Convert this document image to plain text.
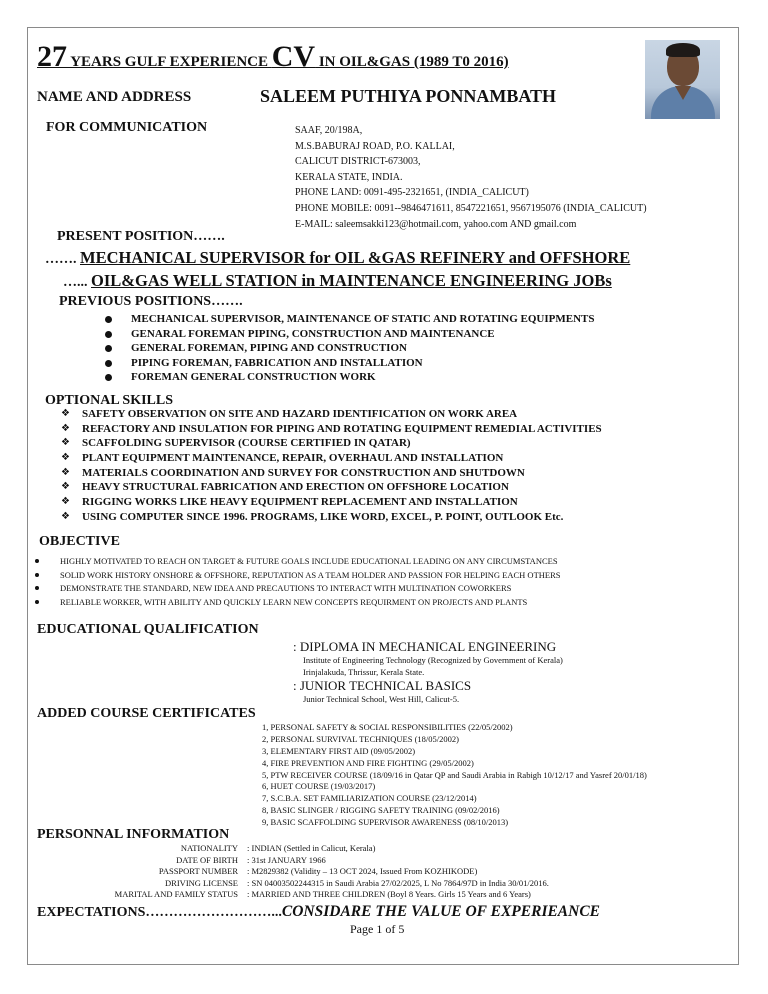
27 YEARS GULF EXPERIENCE CV IN OIL&GAS (1989 T0 2016)
NAME AND ADDRESS	SALEEM PUTHIYA PONNAMBATH
FOR COMMUNICATION	SAAF, 20/198A,
M.S.BABURAJ ROAD, P.O. KALLAI,
CALICUT DISTRICT-673003,
KERALA STATE, INDIA.
PHONE LAND: 0091-495-2321651, (INDIA_CALICUT)
PHONE MOBILE: 0091--9846471611, 8547221651, 9567195076 (INDIA_CALICUT)
E-MAIL: saleemsakki123@hotmail.com, yahoo.com AND gmail.com
PRESENT POSITION…….
……. MECHANICAL SUPERVISOR for OIL &GAS REFINERY and OFFSHORE
…... OIL&GAS WELL STATION in MAINTENANCE ENGINEERING JOBs
PREVIOUS POSITIONS…….
MECHANICAL SUPERVISOR, MAINTENANCE OF STATIC AND ROTATING EQUIPMENTS
GENARAL FOREMAN PIPING, CONSTRUCTION AND MAINTENANCE
GENERAL FOREMAN, PIPING AND CONSTRUCTION
PIPING FOREMAN, FABRICATION AND INSTALLATION
FOREMAN GENERAL CONSTRUCTION WORK
OPTIONAL SKILLS
❖ SAFETY OBSERVATION ON SITE AND HAZARD IDENTIFICATION ON WORK AREA
❖ REFACTORY AND INSULATION FOR PIPING AND ROTATING EQUIPMENT REMEDIAL ACTIVITIES
❖ SCAFFOLDING SUPERVISOR (COURSE CERTIFIED IN QATAR)
❖ PLANT EQUIPMENT MAINTENANCE, REPAIR, OVERHAUL AND INSTALLATION
❖ MATERIALS COORDINATION AND SURVEY FOR CONSTRUCTION AND SHUTDOWN
❖ HEAVY STRUCTURAL FABRICATION AND ERECTION ON OFFSHORE LOCATION
❖ RIGGING WORKS LIKE HEAVY EQUIPMENT REPLACEMENT AND INSTALLATION
❖ USING COMPUTER SINCE 1996. PROGRAMS, LIKE WORD, EXCEL, P. POINT, OUTLOOK Etc.
OBJECTIVE
HIGHLY MOTIVATED TO REACH ON TARGET & FUTURE GOALS INCLUDE EDUCATIONAL LEADING ON ANY CIRCUMSTANCES
SOLID WORK HISTORY ONSHORE & OFFSHORE, REPUTATION AS A TEAM HOLDER AND PASSION FOR HELPING EACH OTHERS
DEMONSTRATE THE STANDARD, NEW IDEA AND PRECAUTIONS TO INTERACT WITH MULTINATION COWORKERS
RELIABLE WORKER, WITH ABILITY AND QUICKLY LEARN NEW CONCEPTS REQUIRMENT ON PROJECTS AND PLANTS
EDUCATIONAL QUALIFICATION
: DIPLOMA IN MECHANICAL ENGINEERING
Institute of Engineering Technology (Recognized by Government of Kerala)
Irinjalakuda, Thrissur, Kerala State.
: JUNIOR TECHNICAL BASICS
Junior Technical School, West Hill, Calicut-5.
ADDED COURSE CERTIFICATES
1, PERSONAL SAFETY & SOCIAL RESPONSIBILITIES (22/05/2002)
2, PERSONAL SURVIVAL TECHNIQUES (18/05/2002)
3, ELEMENTARY FIRST AID (09/05/2002)
4, FIRE PREVENTION AND FIRE FIGHTING (29/05/2002)
5, PTW RECEIVER COURSE (18/09/16 in Qatar QP and Saudi Arabia in Rabigh 10/12/17 and Yasref 20/01/18)
6, HUET COURSE (19/03/2017)
7, S.C.B.A. SET FAMILIARIZATION COURSE (23/12/2014)
8, BASIC SLINGER / RIGGING SAFETY TRAINING (09/02/2016)
9, BASIC SCAFFOLDING SUPERVISOR AWARENESS (08/10/2013)
PERSONNAL INFORMATION
NATIONALITY
DATE OF BIRTH
PASSPORT NUMBER
DRIVING LICENSE
MARITAL AND FAMILY STATUS
: INDIAN (Settled in Calicut, Kerala)
: 31st JANUARY 1966
: M2829382 (Validity – 13 OCT 2024, Issued From KOZHIKODE)
: SN 04003502244315 in Saudi Arabia 27/02/2025, L No 7864/97D in India 30/01/2016.
: MARRIED AND THREE CHILDREN (Boyl 8 Years. Girls 15 Years and 6 Years)
EXPECTATIONS………………………...CONSIDARE THE VALUE OF EXPERIEANCE
Page 1 of 5
